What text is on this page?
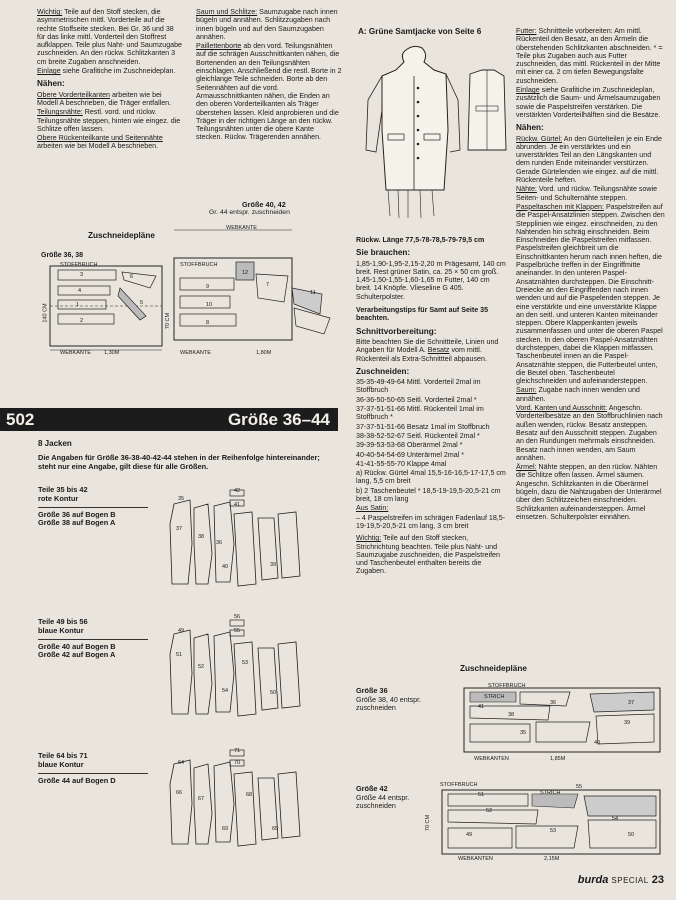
Wichtig: Teile auf den Stoff stecken, die asymmetrischen mittl. Vorderteile auf die rechte Stoffseite stecken. Bei Gr. 36 und 38 für das linke mittl. Vorderteil den Stoffrest aufklappen. Teile plus Naht- und Saumzugabe zuschneiden. An den rückw. Schlitzkanten 3 cm breite Zugaben anschneiden.

Einlage siehe Grafitiche im Zuschneideplan.

Nähen:

Obere Vorderteilkanten arbeiten wie bei Modell A beschrieben, die Träger entfallen.

Teilungsnähte: Restl. vord. und rückw. Teilungsnähte steppen, hinten wie eingez. die Schlitze offen lassen.

Obere Rückenteilkante und Seitennähte arbeiten wie bei Modell A beschrieben.

Saum und Schlitze: Saumzugabe nach innen bügeln und annähen. Schlitzzugaben nach innen bügeln und auf den Saumzugaben annähen.

Paillettenborte ab den vord. Teilungsnähten auf die schrägen Ausschnittkanten nähen, die Bortenenden an den Teilungsnähten einschlagen. Anschließend die restl. Borte in 2 gleichlange Teile schneiden. Borte ab den Seitennähten auf die vord. Armausschnittkanten nähen, die Enden an den oberen Vorderteilkanten als Träger überstehen lassen. Kleid anprobieren und die Träger in der richtigen Länge an den rückw. Teilungsnähten unter die obere Kante stecken. Rückw. Trägerenden annähen.

Zuschneidepläne
Größe 40, 42
Gr. 44 entspr. zuschneiden
Größe 36, 38
STOFFBRUCH
3
4
1
2
5
6
WEBKANTE 1,30M
140 CM
WEBKANTE
STOFFBRUCH
9
10
8
12
7
11
WEBKANTE	1,80M
70 CM
502	Größe 36–44
8 Jacken

Die Angaben für Größe 36-38-40-42-44 stehen in der Reihenfolge hintereinander; steht nur eine Angabe, gilt diese für alle Größen.

Teile 35 bis 42
rote Kontur
Größe 36 auf Bogen B
Größe 38 auf Bogen A
Teile 49 bis 56
blaue Kontur
Größe 40 auf Bogen B
Größe 42 auf Bogen A
Teile 64 bis 71
blaue Kontur
Größe 44 auf Bogen D
35
42
41
37
38
36
40	39
56
55
49
51
52
53
54	50
71
70
64
66
67
68
69	65
A: Grüne Samtjacke von Seite 6

Rückw. Länge 77,5-78-78,5-79-79,5 cm

Sie brauchen:

1,85-1,90-1,95-2,15-2,20 m Prägesamt, 140 cm breit. Rest grüner Satin, ca. 25 × 50 cm groß. 1,45-1,50-1,55-1,60-1,65 m Futter, 140 cm breit. 14 Knöpfe. Vlieseline G 405. Schulterpolster.

Verarbeitungstips für Samt auf Seite 35 beachten.

Schnittvorbereitung:

Bitte beachten Sie die Schnittteile, Linien und Angaben für Modell A. Besatz vom mittl. Rückenteil als Extra-Schnittteil abpausen.

Zuschneiden:

35-35-49-49-64 Mittl. Vorderteil 2mal im Stoffbruch

36-36-50-50-65 Seitl. Vorderteil 2mal *

37-37-51-51-66 Mittl. Rückenteil 1mal im Stoffbruch *

37-37-51-51-66 Besatz 1mal im Stoffbruch

38-38-52-52-67 Seitl. Rückenteil 2mal *

39-39-53-53-68 Oberärmel 2mal *

40-40-54-54-69 Unterärmel 2mal *

41-41-55-55-70 Klappe 4mal

a) Rückw. Gürtel 4mal 15,5-16-16,5-17-17,5 cm lang, 5,5 cm breit

b) 2 Taschenbeutel * 18,5-19-19,5-20,5-21 cm breit, 18 cm lang

Aus Satin:

– 4 Paspelstreifen im schrägen Fadenlauf 18,5-19-19,5-20,5-21 cm lang, 3 cm breit

Wichtig: Teile auf den Stoff stecken, Strichrichtung beachten. Teile plus Naht- und Saumzugabe zuschneiden, die Paspelstreifen und Taschenbeutel enthalten bereits die Zugaben.

Futter: Schnittteile vorbereiten: Am mittl. Rückenteil den Besatz, an den Ärmeln die überstehenden Schlitzkanten abschneiden. * = Teile plus Zugaben auch aus Futter zuschneiden, das mittl. Rückenteil in der Mitte mit einer ca. 2 cm tiefen Bewegungsfalte zuschneiden.

Einlage siehe Grafitiche im Zuschneideplan, zusätzlich die Saum- und Ärmelsaumzugaben sowie die Paspelstreifen verstärken. Die verstärkten Vorderteilhälften sind die Besätze.

Nähen:

Rückw. Gürtel: An den Gürtelteilen je ein Ende abrunden. Je ein verstärktes und ein unverstärktes Teil an den Längskanten und dem runden Ende miteinander verstürzen. Gerade Gürtelenden wie eingez. auf die mittl. Rückenteile heften.

Nähte: Vord. und rückw. Teilungsnähte sowie Seiten- und Schulternähte steppen.

Paspeltaschen mit Klappen: Paspelstreifen auf die Paspel-Ansatzlinien steppen. Zwischen den Stepplinien wie eingez. einschneiden, zu den Nahtenden hin schräg einschneiden. Beim Einschneiden die Paspelstreifen mitfassen. Paspelstreifen gleichbreit um die Einschnittkanten herum nach innen heften, die Paspelbrüche treffen in der Eingriffmitte aneinander. In den unteren Paspel-Ansatznähten durchsteppen. Die Einschnitt-Dreiecke an den Eingriffenden nach innen wenden und auf die Paspelenden steppen. Je eine verstärkte und eine unverstärkte Klappe an den seitl. und unteren Kanten miteinander steppen. Obere Klappenkanten jeweils zusammenfassen und unter die oberen Paspel stecken. In den oberen Paspel-Ansatznähten durchsteppen, dabei die Klappen mitfassen. Taschenbeutel innen an die Paspel-Ansatznähte steppen, die Futterbeutel unten, die Beutel oben. Taschenbeutel gleichschneiden und aufeinandersteppen.

Saum: Zugabe nach innen wenden und annähen.

Vord. Kanten und Ausschnitt: Angeschn. Vorderteilbesätze an den Stoffbruchlinien nach außen wenden, rückw. Besatz ansteppen. Besatz auf den Ausschnitt steppen. Zugaben an den Rundungen mehrmals einschneiden. Besatz nach innen wenden, am Saum annähen.

Ärmel: Nähte steppen, an den rückw. Nähten die Schlitze offen lassen. Ärmel säumen. Angeschn. Schlitzkanten in die Oberärmel bügeln, dazu die Nahtzugaben der Unterärmel über den Schlitzzeichen einschneiden. Schlitzkanten aufeinandersteppen. Ärmel einsetzen. Schulterpolster einnähen.

Zuschneidepläne
Größe 36
Größe 38, 40 entspr. zuschneiden
Größe 42
Größe 44 entspr. zuschneiden
STOFFBRUCH
STRICH
41
36
38
37
39
35
40
WEBKANTEN	1,85M
STOFFBRUCH
STRICH
51
55
54
52
50
53
49
WEBKANTEN	2,15M
70 CM
burda SPECIAL 23
